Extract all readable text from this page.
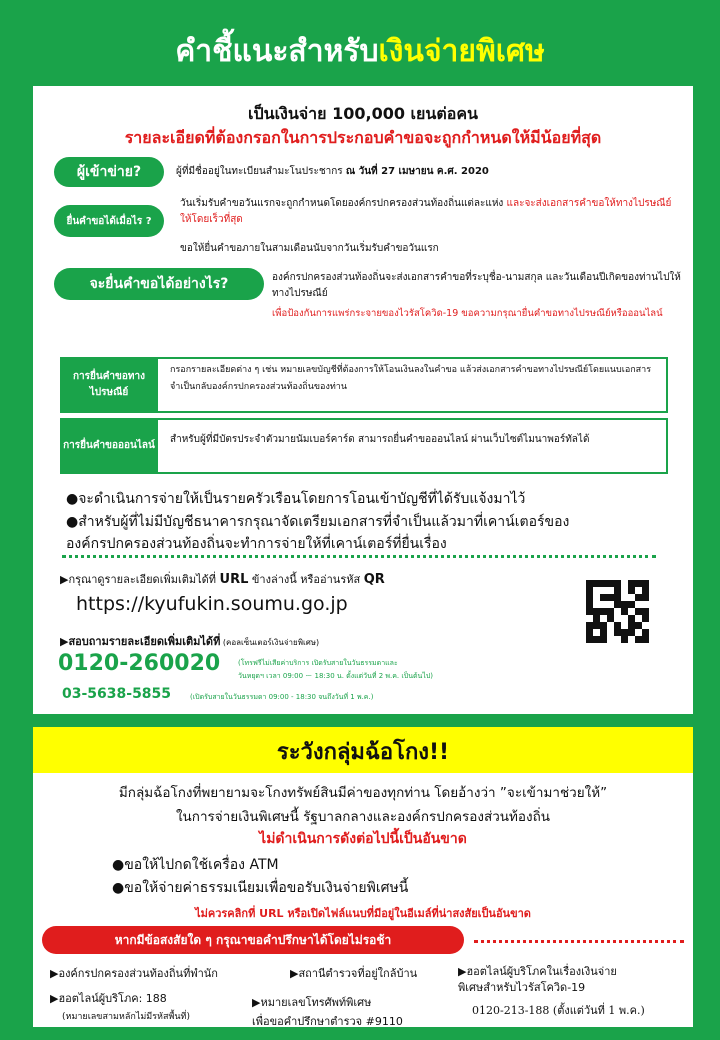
คำชี้แนะสำหรับเงินจ่ายพิเศษ
เป็นเงินจ่าย 100,000 เยนต่อคน
รายละเอียดที่ต้องกรอกในการประกอบคำขอจะถูกกำหนดให้มีน้อยที่สุด
ผู้เข้าข่าย?	ผู้ที่มีชื่ออยู่ในทะเบียนสำมะโนประชากร ณ วันที่ 27 เมษายน ค.ศ. 2020
ยื่นคำขอได้เมื่อไร ?
วันเริ่มรับคำขอวันแรกจะถูกกำหนดโดยองค์กรปกครองส่วนท้องถิ่นแต่ละแห่ง และจะส่งเอกสารคำขอให้ทางไปรษณีย์ให้โดยเร็วที่สุด
ขอให้ยื่นคำขอภายในสามเดือนนับจากวันเริ่มรับคำขอวันแรก
จะยื่นคำขอได้อย่างไร?	องค์กรปกครองส่วนท้องถิ่นจะส่งเอกสารคำขอที่ระบุชื่อ-นามสกุล และวันเดือนปีเกิดของท่านไปให้ทางไปรษณีย์
เพื่อป้องกันการแพร่กระจายของไวรัสโควิด-19 ขอความกรุณายื่นคำขอทางไปรษณีย์หรือออนไลน์
การยื่นคำขอทางไปรษณีย์
กรอกรายละเอียดต่าง ๆ เช่น หมายเลขบัญชีที่ต้องการให้โอนเงินลงในคำขอ แล้วส่งเอกสารคำขอทางไปรษณีย์โดยแนบเอกสารจำเป็นกลับองค์กรปกครองส่วนท้องถิ่นของท่าน
การยื่นคำขอออนไลน์
สำหรับผู้ที่มีบัตรประจำตัวมายนัมเบอร์คาร์ด สามารถยื่นคำขอออนไลน์ ผ่านเว็บไซต์ไมนาพอร์ทัลได้
●จะดำเนินการจ่ายให้เป็นรายครัวเรือนโดยการโอนเข้าบัญชีที่ได้รับแจ้งมาไว้
●สำหรับผู้ที่ไม่มีบัญชีธนาคารกรุณาจัดเตรียมเอกสารที่จำเป็นแล้วมาที่เคาน์เตอร์ของ
องค์กรปกครองส่วนท้องถิ่นจะทำการจ่ายให้ที่เคาน์เตอร์ที่ยื่นเรื่อง
▶กรุณาดูรายละเอียดเพิ่มเติมได้ที่ URL ข้างล่างนี้ หรืออ่านรหัส QR
https://kyufukin.soumu.go.jp
▶สอบถามรายละเอียดเพิ่มเติมได้ที่ (คอลเซ็นเตอร์เงินจ่ายพิเศษ)
0120-260020	(โทรฟรีไม่เสียค่าบริการ เปิดรับสายในวันธรรมดาและ
วันหยุดฯ เวลา 09:00 ー 18:30 น. ตั้งแต่วันที่ 2 พ.ค. เป็นต้นไป)
03-5638-5855	(เปิดรับสายในวันธรรมดา 09:00 - 18:30 จนถึงวันที่ 1 พ.ค.)
ระวังกลุ่มฉ้อโกง!!
มีกลุ่มฉ้อโกงที่พยายามจะโกงทรัพย์สินมีค่าของทุกท่าน โดยอ้างว่า ”จะเข้ามาช่วยให้”
ในการจ่ายเงินพิเศษนี้ รัฐบาลกลางและองค์กรปกครองส่วนท้องถิ่น
ไม่ดำเนินการดังต่อไปนี้เป็นอันขาด
●ขอให้ไปกดใช้เครื่อง ATM
●ขอให้จ่ายค่าธรรมเนียมเพื่อขอรับเงินจ่ายพิเศษนี้
ไม่ควรคลิกที่ URL หรือเปิดไฟล์แนบที่มีอยู่ในอีเมล์ที่น่าสงสัยเป็นอันขาด
หากมีข้อสงสัยใด ๆ กรุณาขอคำปรึกษาได้โดยไม่รอช้า
▶องค์กรปกครองส่วนท้องถิ่นที่พำนัก	▶สถานีตำรวจที่อยู่ใกล้บ้าน	▶ฮอตไลน์ผู้บริโภคในเรื่องเงินจ่าย
พิเศษสำหรับไวรัสโควิด-19
0120-213-188 (ตั้งแต่วันที่ 1 พ.ค.)
▶ฮอตไลน์ผู้บริโภค: 188
(หมายเลขสามหลักไม่มีรหัสพื้นที่)
▶หมายเลขโทรศัพท์พิเศษ
เพื่อขอคำปรึกษาตำรวจ #9110
